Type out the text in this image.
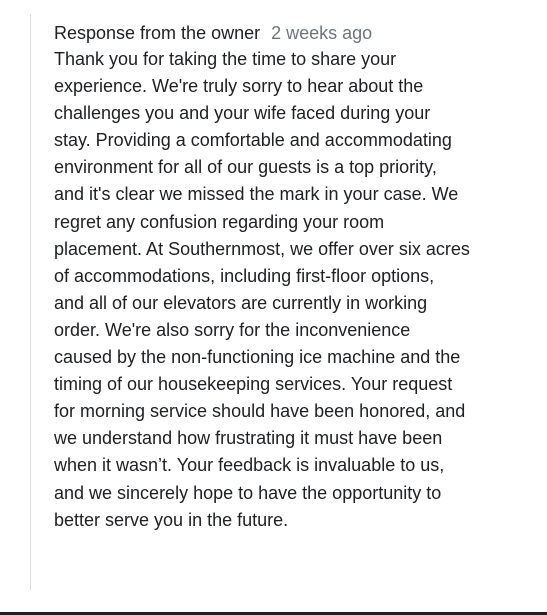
Response from the owner 2 weeks ago

Thank you for taking the time to share your
experience. We're truly sorry to hear about the
challenges you and your wife faced during your
stay. Providing a comfortable and accommodating
environment for all of our guests is a top priority,
and it's clear we missed the mark in your case. We
regret any confusion regarding your room
placement. At Southernmost, we offer over six acres
of accommodations, including first-floor options,
and all of our elevators are currently in working
order. We're also sorry for the inconvenience
caused by the non-functioning ice machine and the
timing of our housekeeping services. Your request
for morning service should have been honored, and
we understand how frustrating it must have been
when it wasn’t. Your feedback is invaluable to us,
and we sincerely hope to have the opportunity to
better serve you in the future.
